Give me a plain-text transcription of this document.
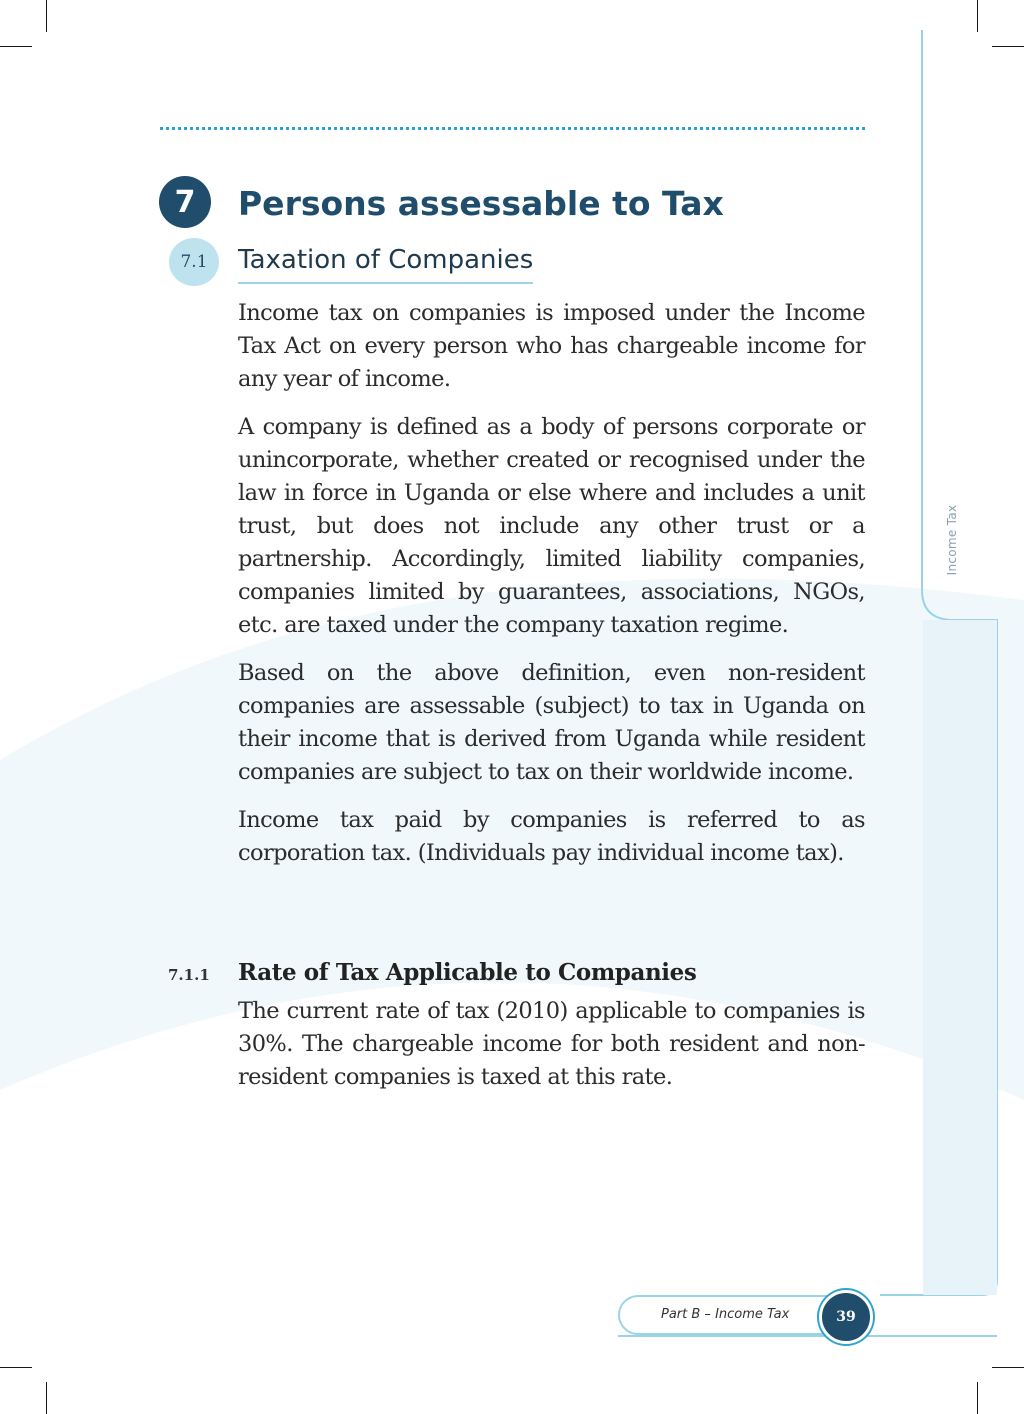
7	Persons assessable to Tax
7.1	Taxation of Companies

Income tax on companies is imposed under the Income Tax Act on every person who has chargeable income for any year of income.

A company is defined as a body of persons corporate or unincorporate, whether created or recognised under the law in force in Uganda or else where and includes a unit trust, but does not include any other trust or a partnership. Accordingly, limited liability companies, companies limited by guarantees, associations, NGOs, etc. are taxed under the company taxation regime.

Based on the above definition, even non-resident companies are assessable (subject) to tax in Uganda on their income that is derived from Uganda while resident companies are subject to tax on their worldwide income.

Income tax paid by companies is referred to as corporation tax. (Individuals pay individual income tax).

7.1.1 Rate of Tax Applicable to Companies

The current rate of tax (2010) applicable to companies is 30%. The chargeable income for both resident and non-resident companies is taxed at this rate.

Income Tax
Part B – Income Tax	39
